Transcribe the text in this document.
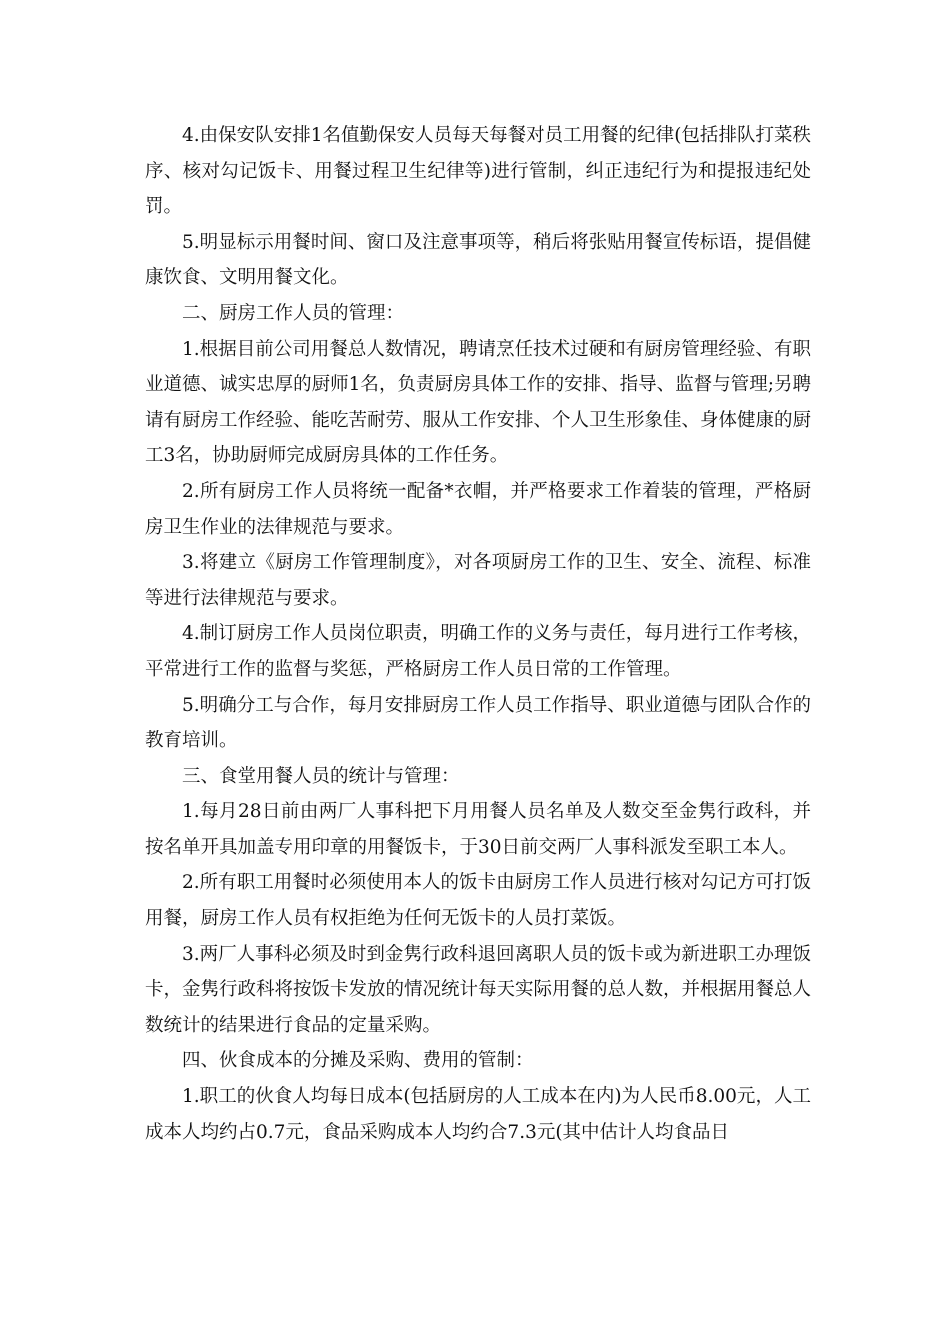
4.由保安队安排1名值勤保安人员每天每餐对员工用餐的纪律(包括排队打菜秩序、核对勾记饭卡、用餐过程卫生纪律等)进行管制，纠正违纪行为和提报违纪处罚。

5.明显标示用餐时间、窗口及注意事项等，稍后将张贴用餐宣传标语，提倡健康饮食、文明用餐文化。

二、厨房工作人员的管理：

1.根据目前公司用餐总人数情况，聘请烹任技术过硬和有厨房管理经验、有职业道德、诚实忠厚的厨师1名，负责厨房具体工作的安排、指导、监督与管理;另聘请有厨房工作经验、能吃苦耐劳、服从工作安排、个人卫生形象佳、身体健康的厨工3名，协助厨师完成厨房具体的工作任务。

2.所有厨房工作人员将统一配备*衣帽，并严格要求工作着装的管理，严格厨房卫生作业的法律规范与要求。

3.将建立《厨房工作管理制度》，对各项厨房工作的卫生、安全、流程、标准等进行法律规范与要求。

4.制订厨房工作人员岗位职责，明确工作的义务与责任，每月进行工作考核，平常进行工作的监督与奖惩，严格厨房工作人员日常的工作管理。

5.明确分工与合作，每月安排厨房工作人员工作指导、职业道德与团队合作的教育培训。

三、食堂用餐人员的统计与管理：

1.每月28日前由两厂人事科把下月用餐人员名单及人数交至金隽行政科，并按名单开具加盖专用印章的用餐饭卡，于30日前交两厂人事科派发至职工本人。

2.所有职工用餐时必须使用本人的饭卡由厨房工作人员进行核对勾记方可打饭用餐，厨房工作人员有权拒绝为任何无饭卡的人员打菜饭。

3.两厂人事科必须及时到金隽行政科退回离职人员的饭卡或为新进职工办理饭卡，金隽行政科将按饭卡发放的情况统计每天实际用餐的总人数，并根据用餐总人数统计的结果进行食品的定量采购。

四、伙食成本的分摊及采购、费用的管制：

1.职工的伙食人均每日成本(包括厨房的人工成本在内)为人民币8.00元，人工成本人均约占0.7元，食品采购成本人均约合7.3元(其中估计人均食品日
